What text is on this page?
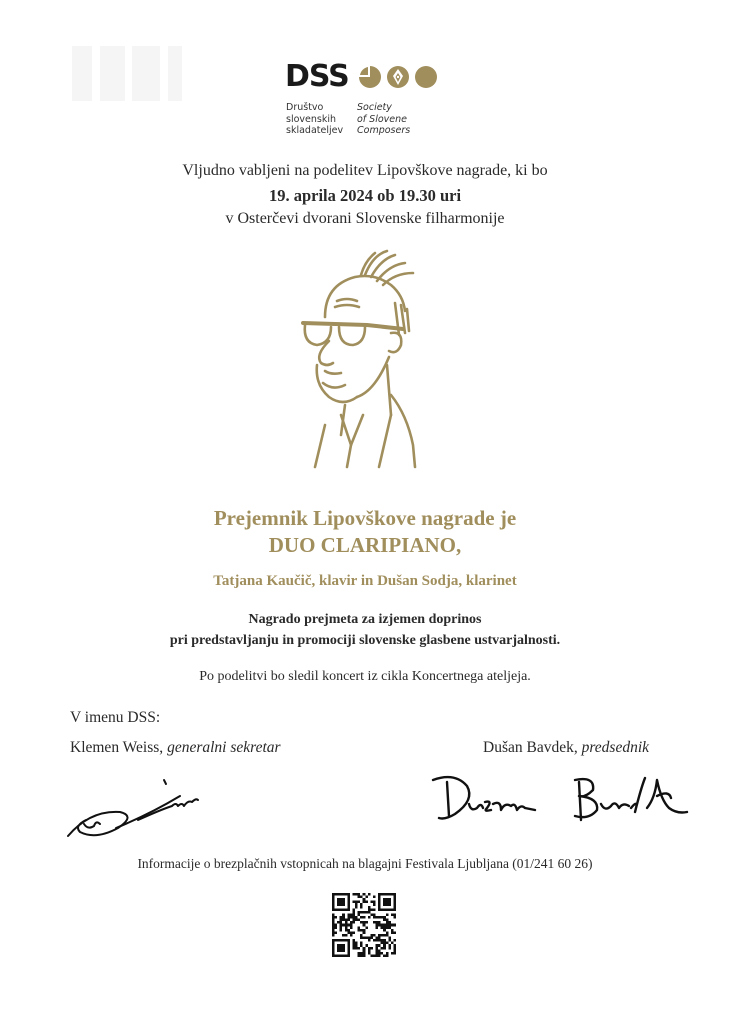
DSS
Društvo
slovenskih
skladateljev
Society
of Slovene
Composers
Vljudno vabljeni na podelitev Lipovškove nagrade, ki bo
19. aprila 2024 ob 19.30 uri
v Osterčevi dvorani Slovenske filharmonije
Prejemnik Lipovškove nagrade je
DUO CLARIPIANO,
Tatjana Kaučič, klavir in Dušan Sodja, klarinet
Nagrado prejmeta za izjemen doprinos
pri predstavljanju in promociji slovenske glasbene ustvarjalnosti.
Po podelitvi bo sledil koncert iz cikla Koncertnega ateljeja.
V imenu DSS:
Klemen Weiss, generalni sekretar	Dušan Bavdek, predsednik
Informacije o brezplačnih vstopnicah na blagajni Festivala Ljubljana (01/241 60 26)
